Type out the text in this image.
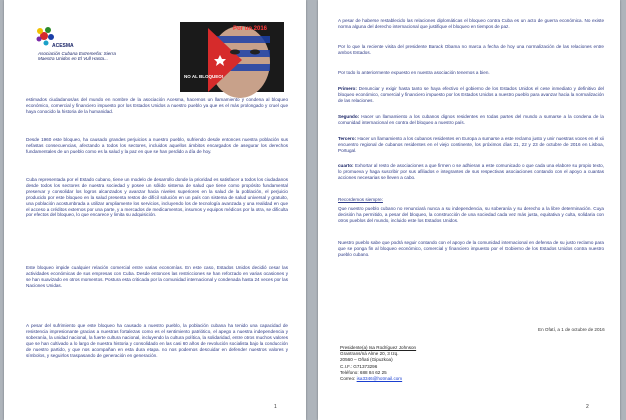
ACESMA
Asociación Cubana Extremeña: Sierra
Maestra Unidos en El Vull Hasta...
Por un 2016
NO AL BLOQUEO!
estimados ciudadanos/as del mundo en nombre de la asociación Acesma, hacemos un llamamiento y condena al bloqueo económico, comercial y financiero impuesto por los Estados Unidos a nuestro pueblo ya que es el más prolongado y cruel que haya conocido la historia de la humanidad.
Desde 1960 este bloqueo, ha causado grandes perjuicios a nuestro pueblo, sufriendo desde entonces nuestra población sus nefastas consecuencias, afectando a todos los sectores, incluidos aquellos ámbitos encargados de asegurar los derechos fundamentales de un pueblo como es la salud y la paz en que se han perdido a día de hoy.
Cuba representada por el Estado cubano, tiene un modelo de desarrollo donde la prioridad es satisfacer a todos los ciudadanos desde todos los sectores de nuestra sociedad y posee un sólido sistema de salud que tiene como propósito fundamental preservar y consolidar los logros alcanzados y avanzar hacia niveles superiores en la salud de la población, el perjuicio producido por este bloqueo en la salud presenta restos de difícil solución en un país con sistema de salud universal y gratuito, una población acostumbrada a utilizar ampliamente los servicios, incluyendo los de tecnología avanzada y una realidad en que el acceso a créditos externos por una parte, y a mercados de medicamentos, insumos y equipos médicos por la otra, se dificulta por efectos del bloqueo, lo que encarece y limita su adquisición.
Este bloqueo impide cualquier relación comercial entre varias economías. En este caso, Estados Unidos decidió cesar las actividades económicas de sus empresas con Cuba. Desde entonces las restricciones se han reforzado en varias ocasiones y se han suavizado en otros momentos. Postura esta criticada por la comunidad internacional y condenada hasta 24 veces por las Naciones Unidas.
A pesar del sufrimiento que este bloqueo ha causado a nuestro pueblo, la población cubana ha tenido una capacidad de resistencia impresionante gracias a nuestras fortalezas como es el sentimiento patriótico, el apego a nuestra independencia y soberanía, la unidad nacional, la fuerte cultura nacional, incluyendo la cultura política, la solidaridad, entre otros muchos valores que se han cultivado a lo largo de nuestra historia y consolidado en las casi 60 años de revolución socialista bajo la conducción de nuestro partido, y que nos acompañan en esta dura etapa. no nos podemos descuidar en defender nuestros valores y símbolos, y seguirlos traspasando de generación en generación.
1
A pesar de haberse restablecido las relaciones diplomáticas el bloqueo contra Cuba es un acto de guerra económica. No existe norma alguna del derecho internacional que justifique el bloqueo en tiempos de paz.
Por lo que la reciente visita del presidente Barack Obama no marca a fecha de hoy una normalización de las relaciones entre ambos Estados.
Por todo lo anteriormente expuesto en nuestra asociación tenemos a bien.
Primero: Denunciar y exigir hasta tanto se haya efectivo el gobierno de los Estados Unidos el cese inmediato y definitivo del bloqueo económico, comercial y financiero impuesto por los Estados Unidos a nuestro pueblo para avanzar hacia la normalización de las relaciones.
Segundo: Hacer un llamamiento a los cubanos dignos residentes en todas partes del mundo a sumarse a la condena de la comunidad internacional en contra del bloqueo a nuestro país.
Tercero: Hacer un llamamiento a los cubanos residentes en Europa a sumarse a este reclamo justo y unir nuestras voces en el xii encuentro regional de cubanos residentes en el viejo continente, los próximos días 21, 22 y 23 de octubre de 2016 en Lisboa, Portugal.
cuarto: Exhortar al resto de asociaciones a que firmen o se adhieran a este comunicado o que cada una elabore su propio texto, lo promueva y haga suscribir por sus afiliados e integrantes de sus respectivas asociaciones contando con el apoyo a cuantas acciones necesarias se lleven a cabo.
Recordemos siempre:
Que nuestro pueblo cubano no renunciará nunca a su independencia, su soberanía y su derecho a la libre determinación. Cuya decisión ha permitido, a pesar del bloqueo, la construcción de una sociedad cada vez más justa, equitativa y culta, solidaria con otros pueblos del mundo, incluido este los Estados Unidos.
Nuestro pueblo sabe que podrá seguir contando con el apoyo de la comunidad internacional en defensa de su justo reclamo para que se ponga fin al bloqueo económico, comercial y financiero impuesto por el Gobierno de los Estados Unidos contra nuestro pueblo cubano.
En Ofatí, a 1 de octubre de 2016
Presidente(a) Isa Rodríguez Johnson
Grantrans/ná Alme 20, 3 Izq.
20560 – Oñati (Gipuzkoa)
C.I.F.: G71373296
Teléfono: 688 84 62 25
Correo: isa3346@hotmail.com
2
